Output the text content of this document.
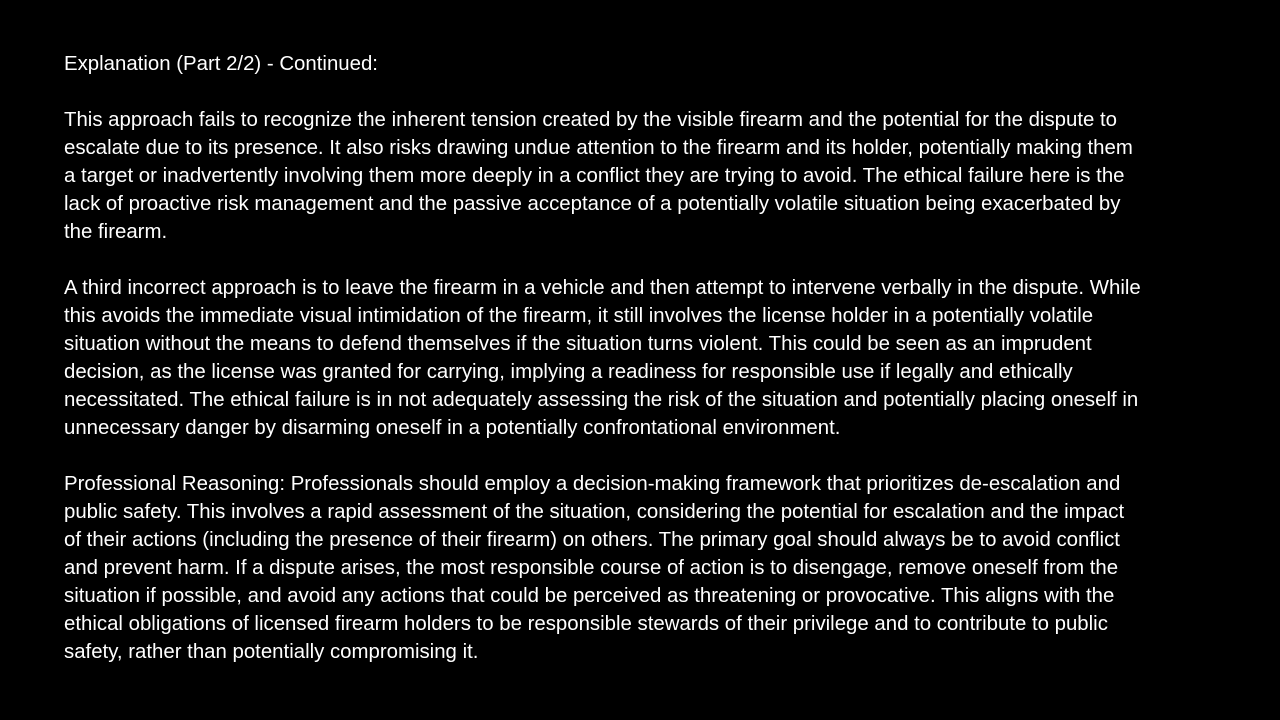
Explanation (Part 2/2) - Continued:

This approach fails to recognize the inherent tension created by the visible firearm and the potential for the dispute to
escalate due to its presence. It also risks drawing undue attention to the firearm and its holder, potentially making them
a target or inadvertently involving them more deeply in a conflict they are trying to avoid. The ethical failure here is the
lack of proactive risk management and the passive acceptance of a potentially volatile situation being exacerbated by
the firearm.

A third incorrect approach is to leave the firearm in a vehicle and then attempt to intervene verbally in the dispute. While
this avoids the immediate visual intimidation of the firearm, it still involves the license holder in a potentially volatile
situation without the means to defend themselves if the situation turns violent. This could be seen as an imprudent
decision, as the license was granted for carrying, implying a readiness for responsible use if legally and ethically
necessitated. The ethical failure is in not adequately assessing the risk of the situation and potentially placing oneself in
unnecessary danger by disarming oneself in a potentially confrontational environment.

Professional Reasoning: Professionals should employ a decision-making framework that prioritizes de-escalation and
public safety. This involves a rapid assessment of the situation, considering the potential for escalation and the impact
of their actions (including the presence of their firearm) on others. The primary goal should always be to avoid conflict
and prevent harm. If a dispute arises, the most responsible course of action is to disengage, remove oneself from the
situation if possible, and avoid any actions that could be perceived as threatening or provocative. This aligns with the
ethical obligations of licensed firearm holders to be responsible stewards of their privilege and to contribute to public
safety, rather than potentially compromising it.
